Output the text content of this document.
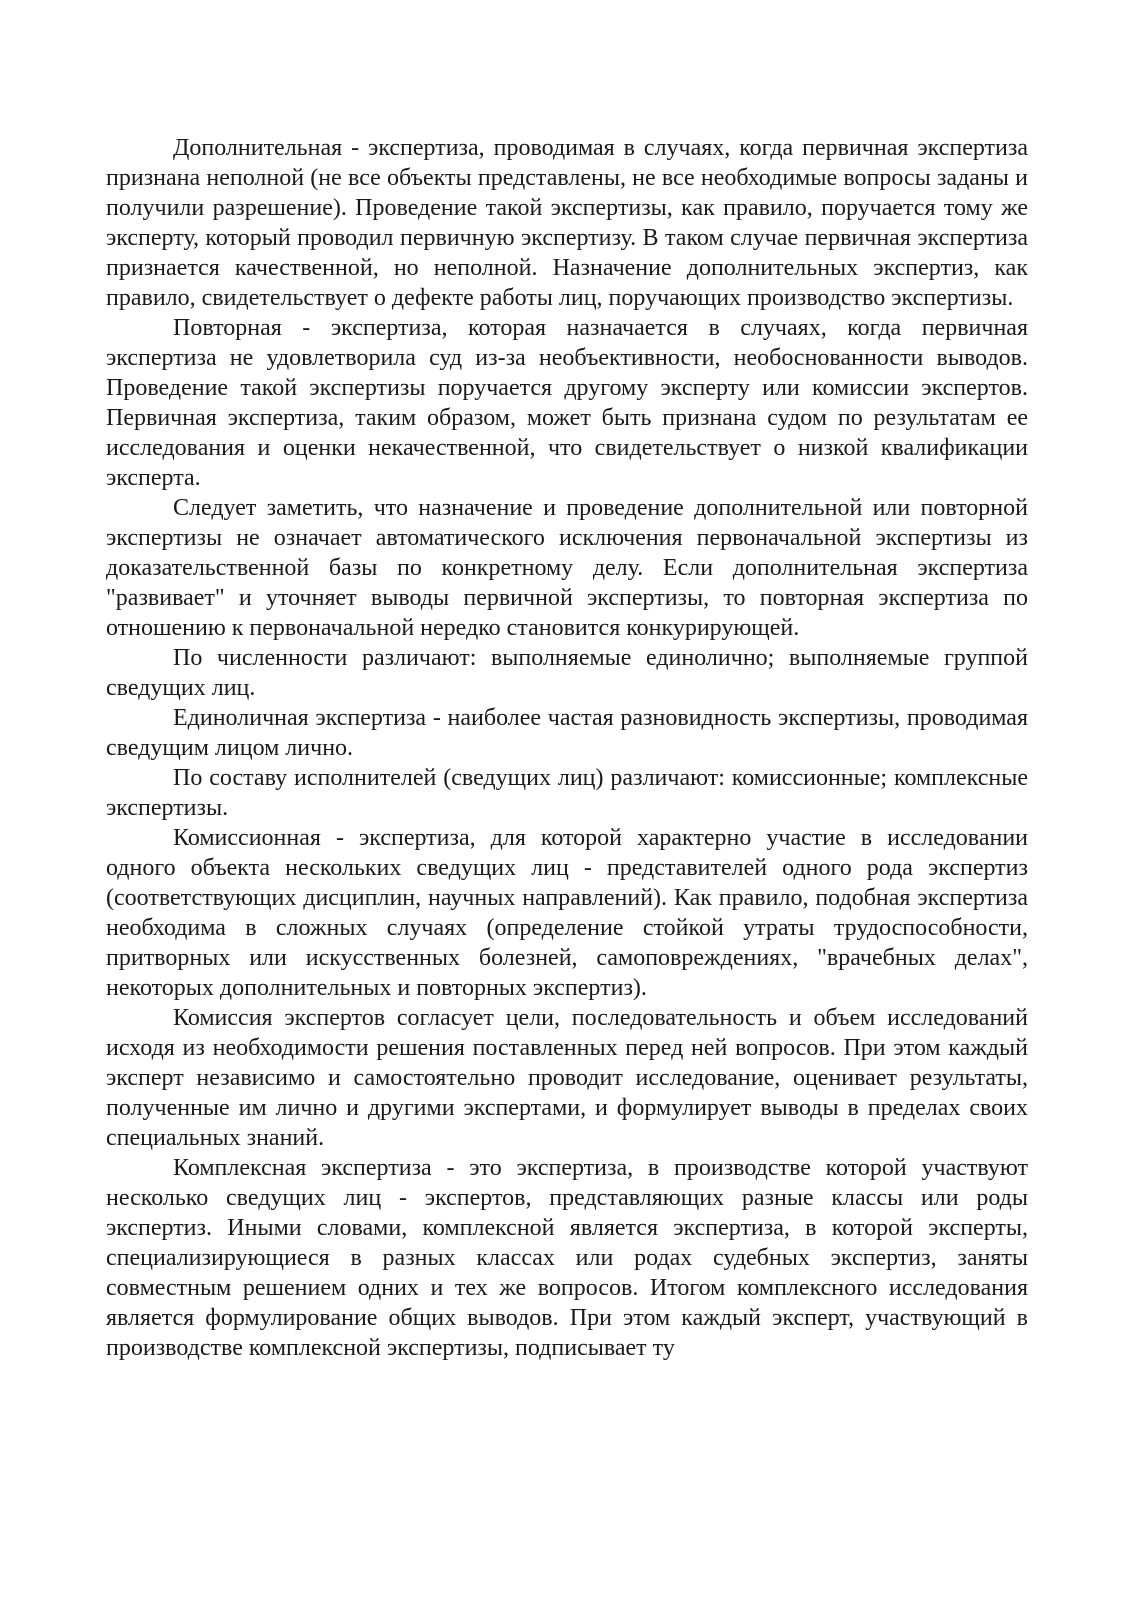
Дополнительная - экспертиза, проводимая в случаях, когда первичная экспертиза признана неполной (не все объекты представлены, не все необходимые вопросы заданы и получили разрешение). Проведение такой экспертизы, как правило, поручается тому же эксперту, который проводил первичную экспертизу. В таком случае первичная экспертиза признается качественной, но неполной. Назначение дополнительных экспертиз, как правило, свидетельствует о дефекте работы лиц, поручающих производство экспертизы.

Повторная - экспертиза, которая назначается в случаях, когда первичная экспертиза не удовлетворила суд из-за необъективности, необоснованности выводов. Проведение такой экспертизы поручается другому эксперту или комиссии экспертов. Первичная экспертиза, таким образом, может быть признана судом по результатам ее исследования и оценки некачественной, что свидетельствует о низкой квалификации эксперта.

Следует заметить, что назначение и проведение дополнительной или повторной экспертизы не означает автоматического исключения первоначальной экспертизы из доказательственной базы по конкретному делу. Если дополнительная экспертиза "развивает" и уточняет выводы первичной экспертизы, то повторная экспертиза по отношению к первоначальной нередко становится конкурирующей.

По численности различают: выполняемые единолично; выполняемые группой сведущих лиц.

Единоличная экспертиза - наиболее частая разновидность экспертизы, проводимая сведущим лицом лично.

По составу исполнителей (сведущих лиц) различают: комиссионные; комплексные экспертизы.

Комиссионная - экспертиза, для которой характерно участие в исследовании одного объекта нескольких сведущих лиц - представителей одного рода экспертиз (соответствующих дисциплин, научных направлений). Как правило, подобная экспертиза необходима в сложных случаях (определение стойкой утраты трудоспособности, притворных или искусственных болезней, самоповреждениях, "врачебных делах", некоторых дополнительных и повторных экспертиз).

Комиссия экспертов согласует цели, последовательность и объем исследований исходя из необходимости решения поставленных перед ней вопросов. При этом каждый эксперт независимо и самостоятельно проводит исследование, оценивает результаты, полученные им лично и другими экспертами, и формулирует выводы в пределах своих специальных знаний.

Комплексная экспертиза - это экспертиза, в производстве которой участвуют несколько сведущих лиц - экспертов, представляющих разные классы или роды экспертиз. Иными словами, комплексной является экспертиза, в которой эксперты, специализирующиеся в разных классах или родах судебных экспертиз, заняты совместным решением одних и тех же вопросов. Итогом комплексного исследования является формулирование общих выводов. При этом каждый эксперт, участвующий в производстве комплексной экспертизы, подписывает ту
